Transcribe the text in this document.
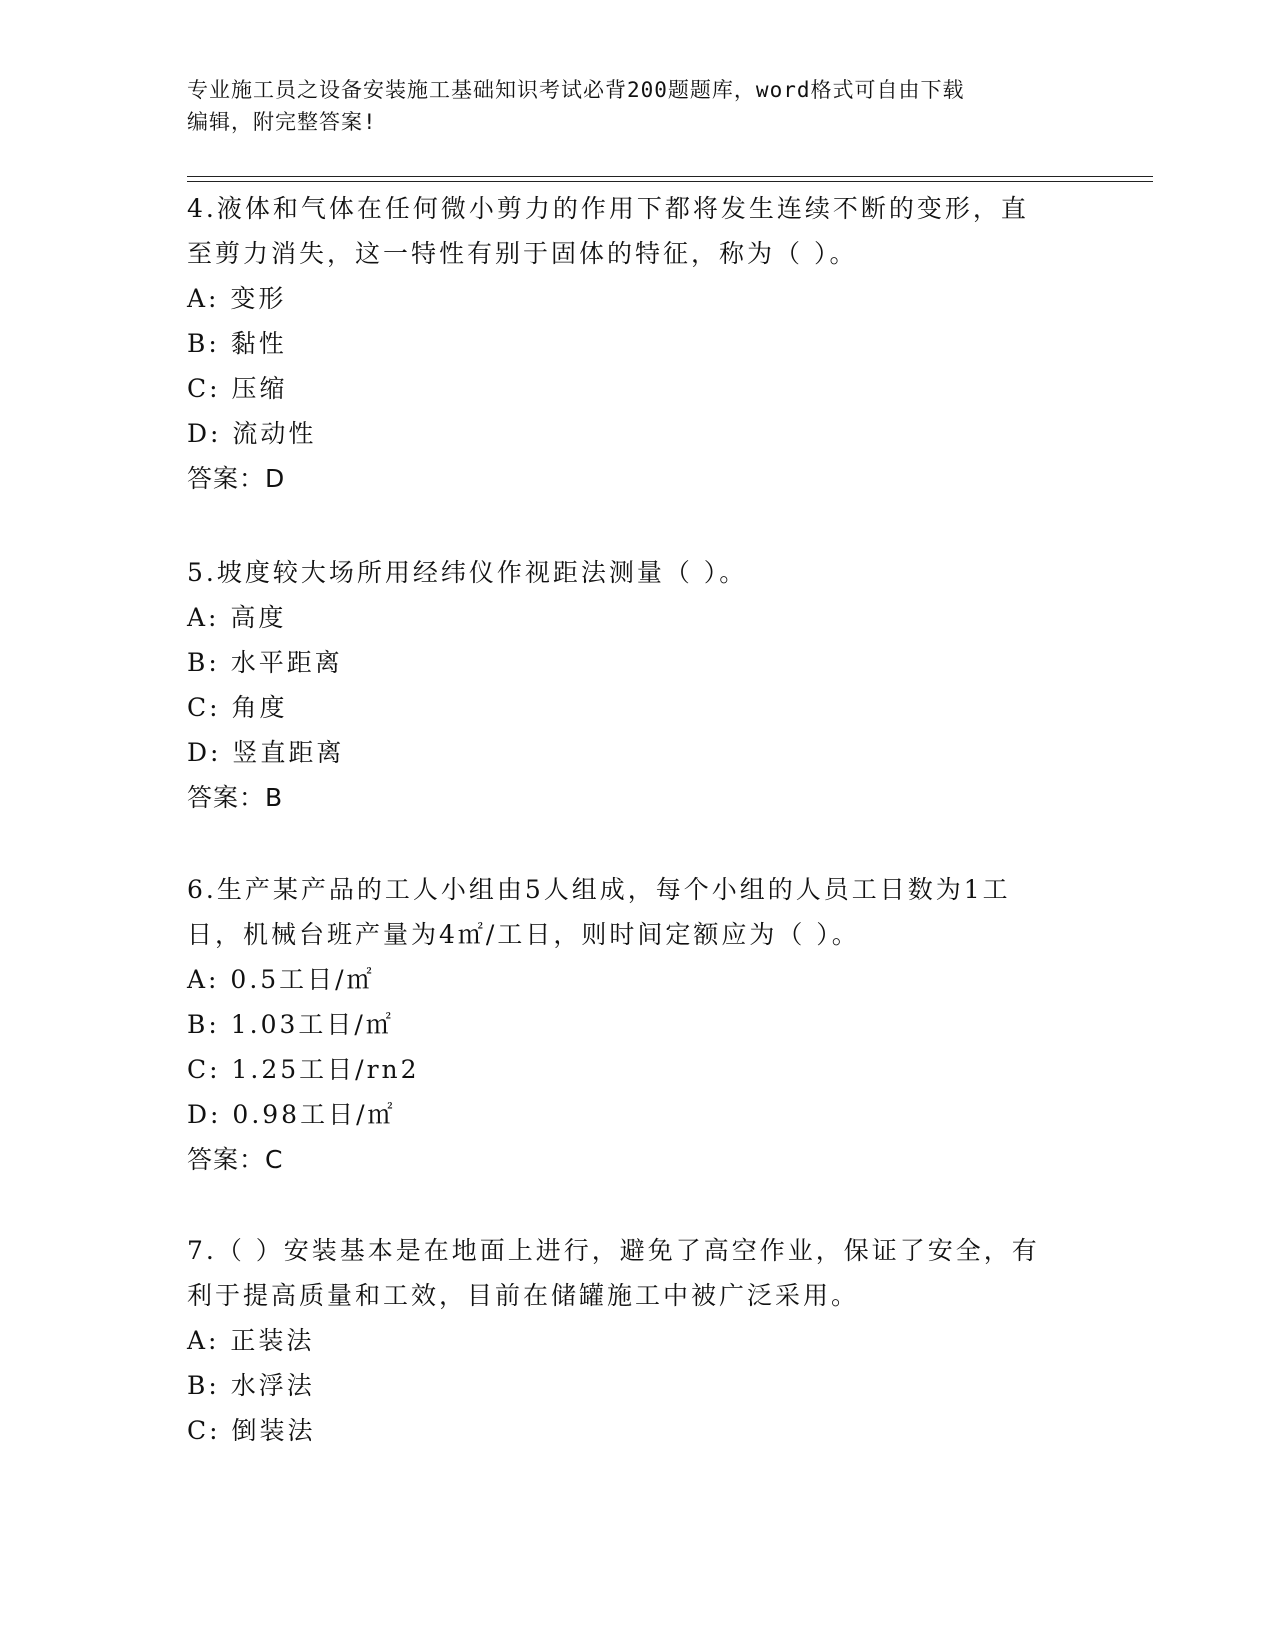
专业施工员之设备安装施工基础知识考试必背200题题库，word格式可自由下载
编辑，附完整答案!
4.液体和气体在任何微小剪力的作用下都将发生连续不断的变形，直
至剪力消失，这一特性有别于固体的特征，称为（ ）。
A: 变形
B: 黏性
C: 压缩
D: 流动性
答案：D
5.坡度较大场所用经纬仪作视距法测量（ ）。
A: 高度
B: 水平距离
C: 角度
D: 竖直距离
答案：B
6.生产某产品的工人小组由5人组成，每个小组的人员工日数为1工
日，机械台班产量为4㎡/工日，则时间定额应为（ ）。
A: 0.5工日/㎡
B: 1.03工日/㎡
C: 1.25工日/rn2
D: 0.98工日/㎡
答案：C
7.（ ）安装基本是在地面上进行，避免了高空作业，保证了安全，有
利于提高质量和工效，目前在储罐施工中被广泛采用。
A: 正装法
B: 水浮法
C: 倒装法
